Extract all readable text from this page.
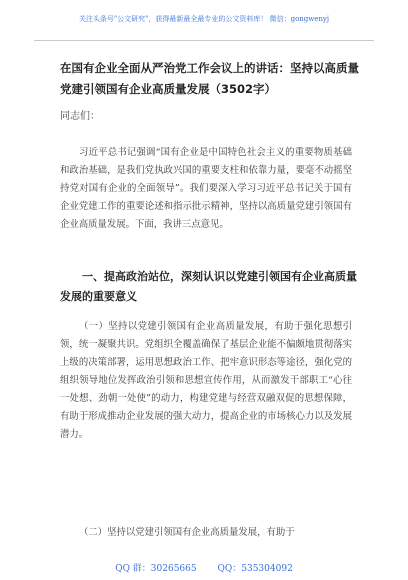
关注头条号"公文研究"，获得最新最全最专业的公文资料库！ 微信：gongwenyj
在国有企业全面从严治党工作会议上的讲话：坚持以高质量党建引领国有企业高质量发展（3502字）
同志们：
习近平总书记强调“国有企业是中国特色社会主义的重要物质基础和政治基础，是我们党执政兴国的重要支柱和依靠力量，要毫不动摇坚持党对国有企业的全面领导”。我们要深入学习习近平总书记关于国有企业党建工作的重要论述和指示批示精神，坚持以高质量党建引领国有企业高质量发展。下面，我讲三点意见。
一、提高政治站位，深刻认识以党建引领国有企业高质量发展的重要意义
（一）坚持以党建引领国有企业高质量发展，有助于强化思想引领，统一凝聚共识。党组织全覆盖确保了基层企业能不偏颇地贯彻落实上级的决策部署，运用思想政治工作、把牢意识形态等途径，强化党的组织领导地位发挥政治引领和思想宣传作用，从而激发干部职工“心往一处想、劲朝一处使”的动力，构建党建与经营双融双促的思想保障，有助于形成推动企业发展的强大动力，提高企业的市场核心力以及发展潜力。
（二）坚持以党建引领国有企业高质量发展，有助于
QQ 群：30265665 QQ：535304092
